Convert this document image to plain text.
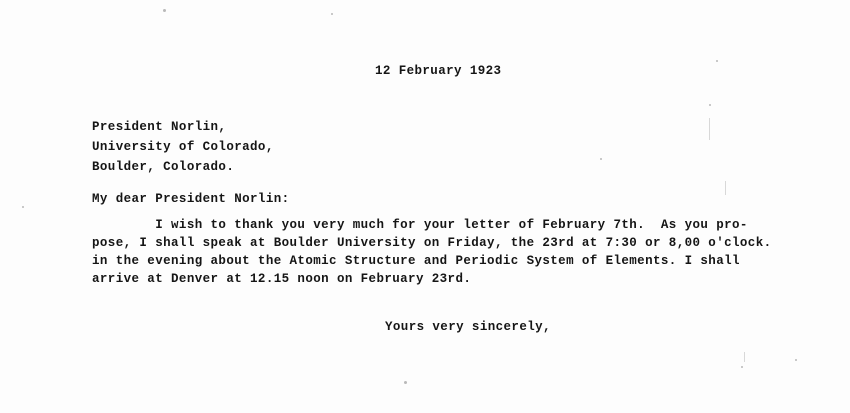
12 February 1923
President Norlin,
University of Colorado,
Boulder, Colorado.
My dear President Norlin:
I wish to thank you very much for your letter of February 7th.  As you pro-
pose, I shall speak at Boulder University on Friday, the 23rd at 7:30 or 8,00 o'clock.
in the evening about the Atomic Structure and Periodic System of Elements. I shall
arrive at Denver at 12.15 noon on February 23rd.
Yours very sincerely,
